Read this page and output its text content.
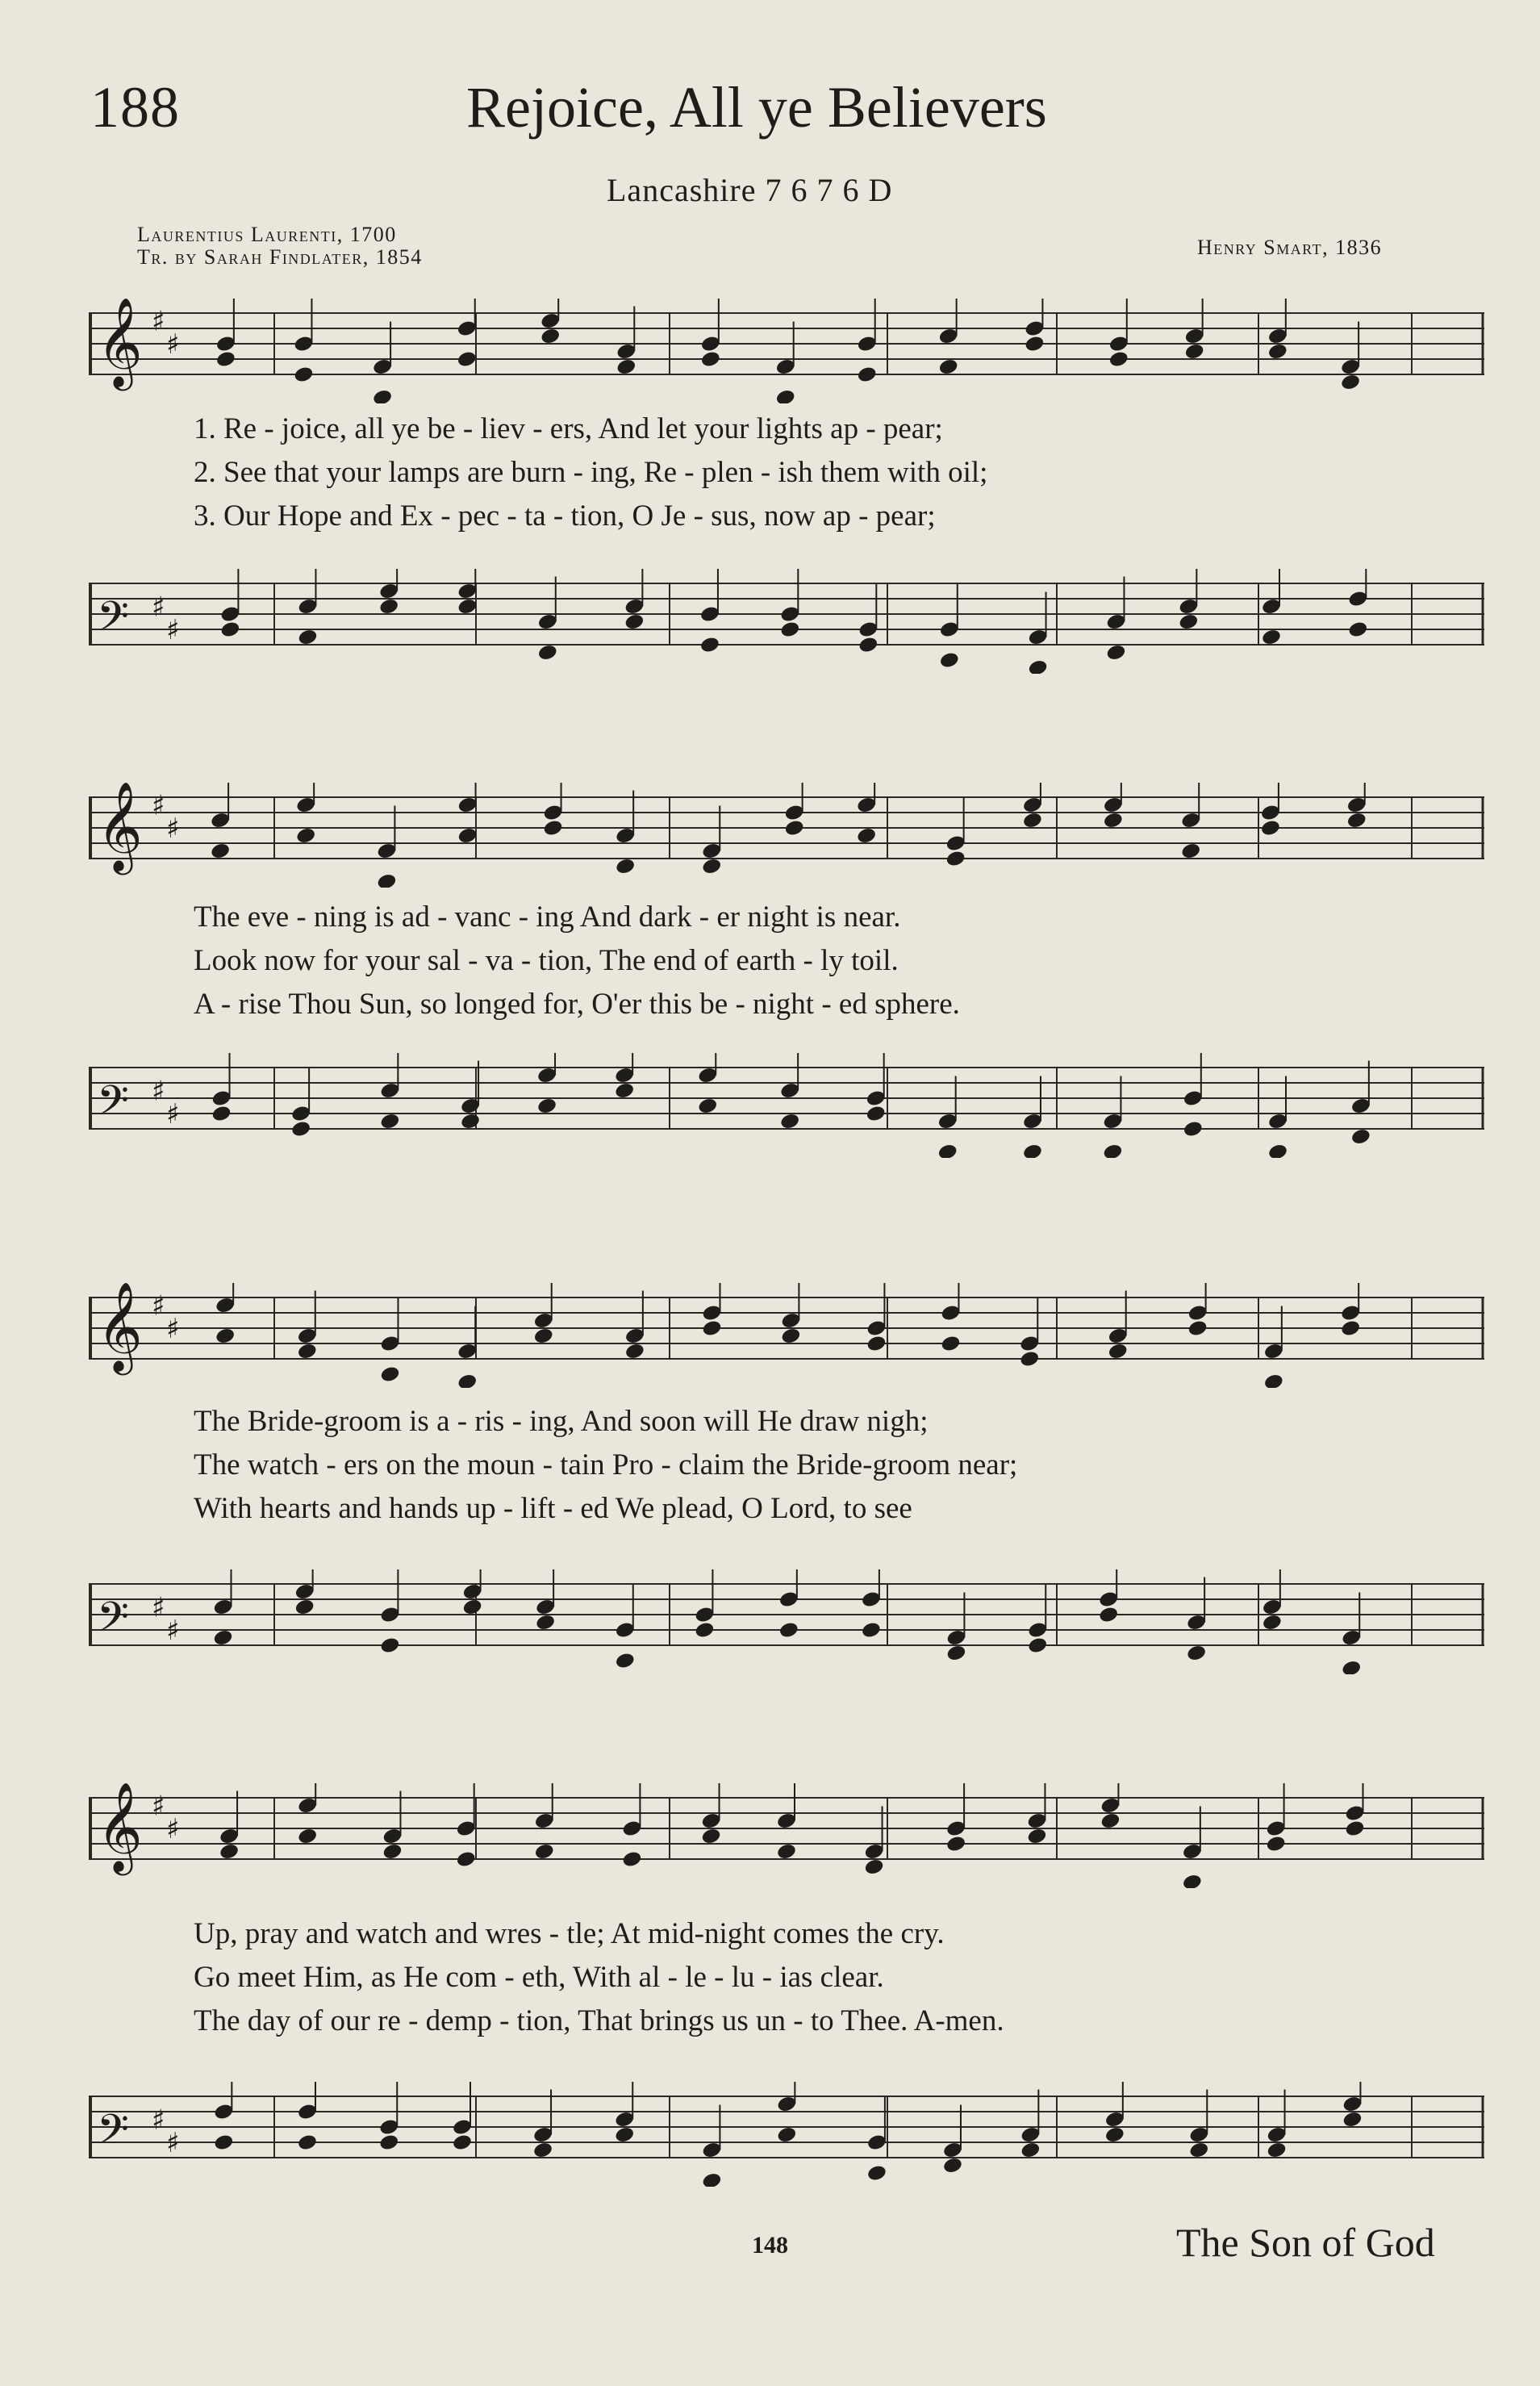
188	Rejoice, All ye Believers
Lancashire 7 6 7 6 D
Laurentius Laurenti, 1700
Tr. by Sarah Findlater, 1854	Henry Smart, 1836
𝄞 ♯
♯
1. Re - joice, all ye be - liev - ers, And let your lights ap - pear;
2. See that your lamps are burn - ing, Re - plen - ish them with oil;
3. Our Hope and Ex - pec - ta - tion, O Je - sus, now ap - pear;
𝄢 ♯
♯
𝄞 ♯
♯
The eve - ning is ad - vanc - ing And dark - er night is near.
Look now for your sal - va - tion, The end of earth - ly toil.
A - rise Thou Sun, so longed for, O'er this be - night - ed sphere.
𝄢 ♯
♯
𝄞 ♯
♯
The Bride-groom is a - ris - ing, And soon will He draw nigh;
The watch - ers on the moun - tain Pro - claim the Bride-groom near;
With hearts and hands up - lift - ed We plead, O Lord, to see
𝄢 ♯
♯
𝄞 ♯
♯
Up, pray and watch and wres - tle; At mid-night comes the cry.
Go meet Him, as He com - eth, With al - le - lu - ias clear.
The day of our re - demp - tion, That brings us un - to Thee. A-men.
𝄢 ♯
♯
148	The Son of God
